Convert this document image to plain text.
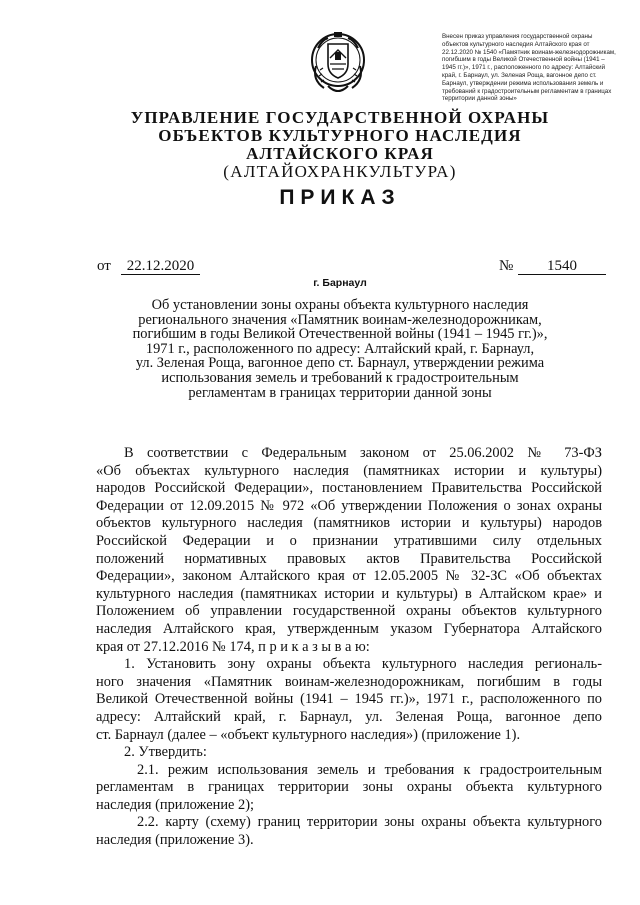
Внесен приказ управления государственной охраны
объектов культурного наследия Алтайского края от
22.12.2020 № 1540 «Памятник воинам-железнодорожникам,
погибшим в годы Великой Отечественной войны (1941 –
1945 гг.)», 1971 г., расположенного по адресу: Алтайский
край, г. Барнаул, ул. Зеленая Роща, вагонное депо ст.
Барнаул, утверждении режима использования земель и
требований к градостроительным регламентам в границах
территории данной зоны»
УПРАВЛЕНИЕ ГОСУДАРСТВЕННОЙ ОХРАНЫ
ОБЪЕКТОВ КУЛЬТУРНОГО НАСЛЕДИЯ
АЛТАЙСКОГО КРАЯ
(АЛТАЙОХРАНКУЛЬТУРА)
ПРИКАЗ
от	22.12.2020	№	1540
г. Барнаул
Об установлении зоны охраны объекта культурного наследия
регионального значения «Памятник воинам-железнодорожникам,
погибшим в годы Великой Отечественной войны (1941 – 1945 гг.)»,
1971 г., расположенного по адресу: Алтайский край, г. Барнаул,
ул. Зеленая Роща, вагонное депо ст. Барнаул, утверждении режима
использования земель и требований к градостроительным
регламентам в границах территории данной зоны
В соответствии с Федеральным законом от 25.06.2002 № 73-ФЗ
«Об объектах культурного наследия (памятниках истории и культуры)
народов Российской Федерации», постановлением Правительства Российской
Федерации от 12.09.2015 № 972 «Об утверждении Положения о зонах охраны
объектов культурного наследия (памятников истории и культуры) народов
Российской Федерации и о признании утратившими силу отдельных
положений нормативных правовых актов Правительства Российской
Федерации», законом Алтайского края от 12.05.2005 № 32-ЗС «Об объектах
культурного наследия (памятниках истории и культуры) в Алтайском крае» и
Положением об управлении государственной охраны объектов культурного
наследия Алтайского края, утвержденным указом Губернатора Алтайского
края от 27.12.2016 № 174, п р и к а з ы в а ю:
1. Установить зону охраны объекта культурного наследия региональ-
ного значения «Памятник воинам-железнодорожникам, погибшим в годы
Великой Отечественной войны (1941 – 1945 гг.)», 1971 г., расположенного по
адресу: Алтайский край, г. Барнаул, ул. Зеленая Роща, вагонное депо
ст. Барнаул (далее – «объект культурного наследия») (приложение 1).
2. Утвердить:
2.1. режим использования земель и требования к градостроительным
регламентам в границах территории зоны охраны объекта культурного
наследия (приложение 2);
2.2. карту (схему) границ территории зоны охраны объекта культурного
наследия (приложение 3).
